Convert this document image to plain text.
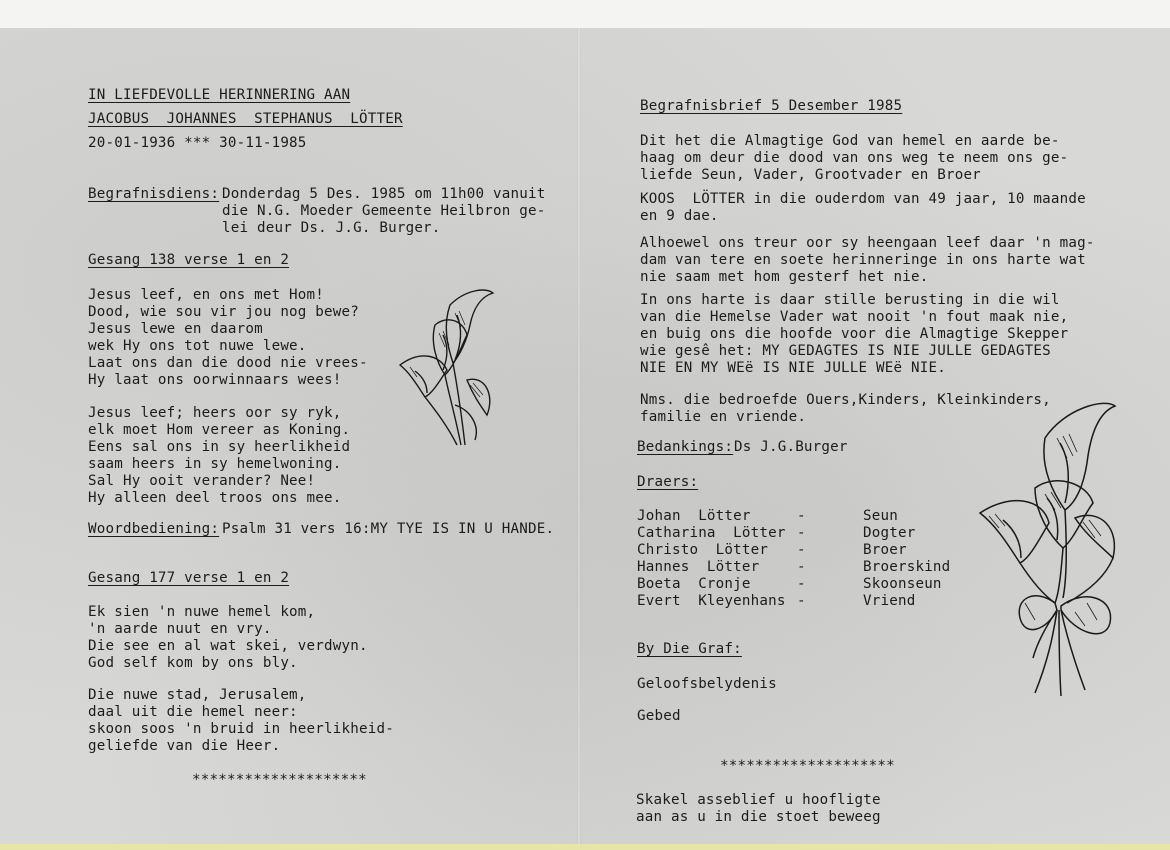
IN LIEFDEVOLLE HERINNERING AAN
JACOBUS  JOHANNES  STEPHANUS  LÖTTER
20-01-1936 *** 30-11-1985
Begrafnisdiens: Donderdag 5 Des. 1985 om 11h00 vanuit
die N.G. Moeder Gemeente Heilbron ge-
lei deur Ds. J.G. Burger.
Gesang 138 verse 1 en 2
Jesus leef, en ons met Hom!
Dood, wie sou vir jou nog bewe?
Jesus lewe en daarom
wek Hy ons tot nuwe lewe.
Laat ons dan die dood nie vrees-
Hy laat ons oorwinnaars wees!
Jesus leef; heers oor sy ryk,
elk moet Hom vereer as Koning.
Eens sal ons in sy heerlikheid
saam heers in sy hemelwoning.
Sal Hy ooit verander? Nee!
Hy alleen deel troos ons mee.
Woordbediening: Psalm 31 vers 16:MY TYE IS IN U HANDE.
Gesang 177 verse 1 en 2
Ek sien 'n nuwe hemel kom,
'n aarde nuut en vry.
Die see en al wat skei, verdwyn.
God self kom by ons bly.
Die nuwe stad, Jerusalem,
daal uit die hemel neer:
skoon soos 'n bruid in heerlikheid-
geliefde van die Heer.
********************
Begrafnisbrief 5 Desember 1985
Dit het die Almagtige God van hemel en aarde be-
haag om deur die dood van ons weg te neem ons ge-
liefde Seun, Vader, Grootvader en Broer
KOOS  LÖTTER in die ouderdom van 49 jaar, 10 maande
en 9 dae.
Alhoewel ons treur oor sy heengaan leef daar 'n mag-
dam van tere en soete herinneringe in ons harte wat
nie saam met hom gesterf het nie.
In ons harte is daar stille berusting in die wil
van die Hemelse Vader wat nooit 'n fout maak nie,
en buig ons die hoofde voor die Almagtige Skepper
wie gesê het: MY GEDAGTES IS NIE JULLE GEDAGTES
NIE EN MY WEë IS NIE JULLE WEë NIE.
Nms. die bedroefde Ouers,Kinders, Kleinkinders,
familie en vriende.
Bedankings: Ds J.G.Burger
Draers:
Johan  Lötter	-	Seun
Catharina  Lötter -	Dogter
Christo  Lötter -	Broer
Hannes  Lötter	-	Broerskind
Boeta  Cronje	-	Skoonseun
Evert  Kleyenhans -	Vriend
By Die Graf:
Geloofsbelydenis
Gebed
********************
Skakel asseblief u hoofligte
aan as u in die stoet beweeg
